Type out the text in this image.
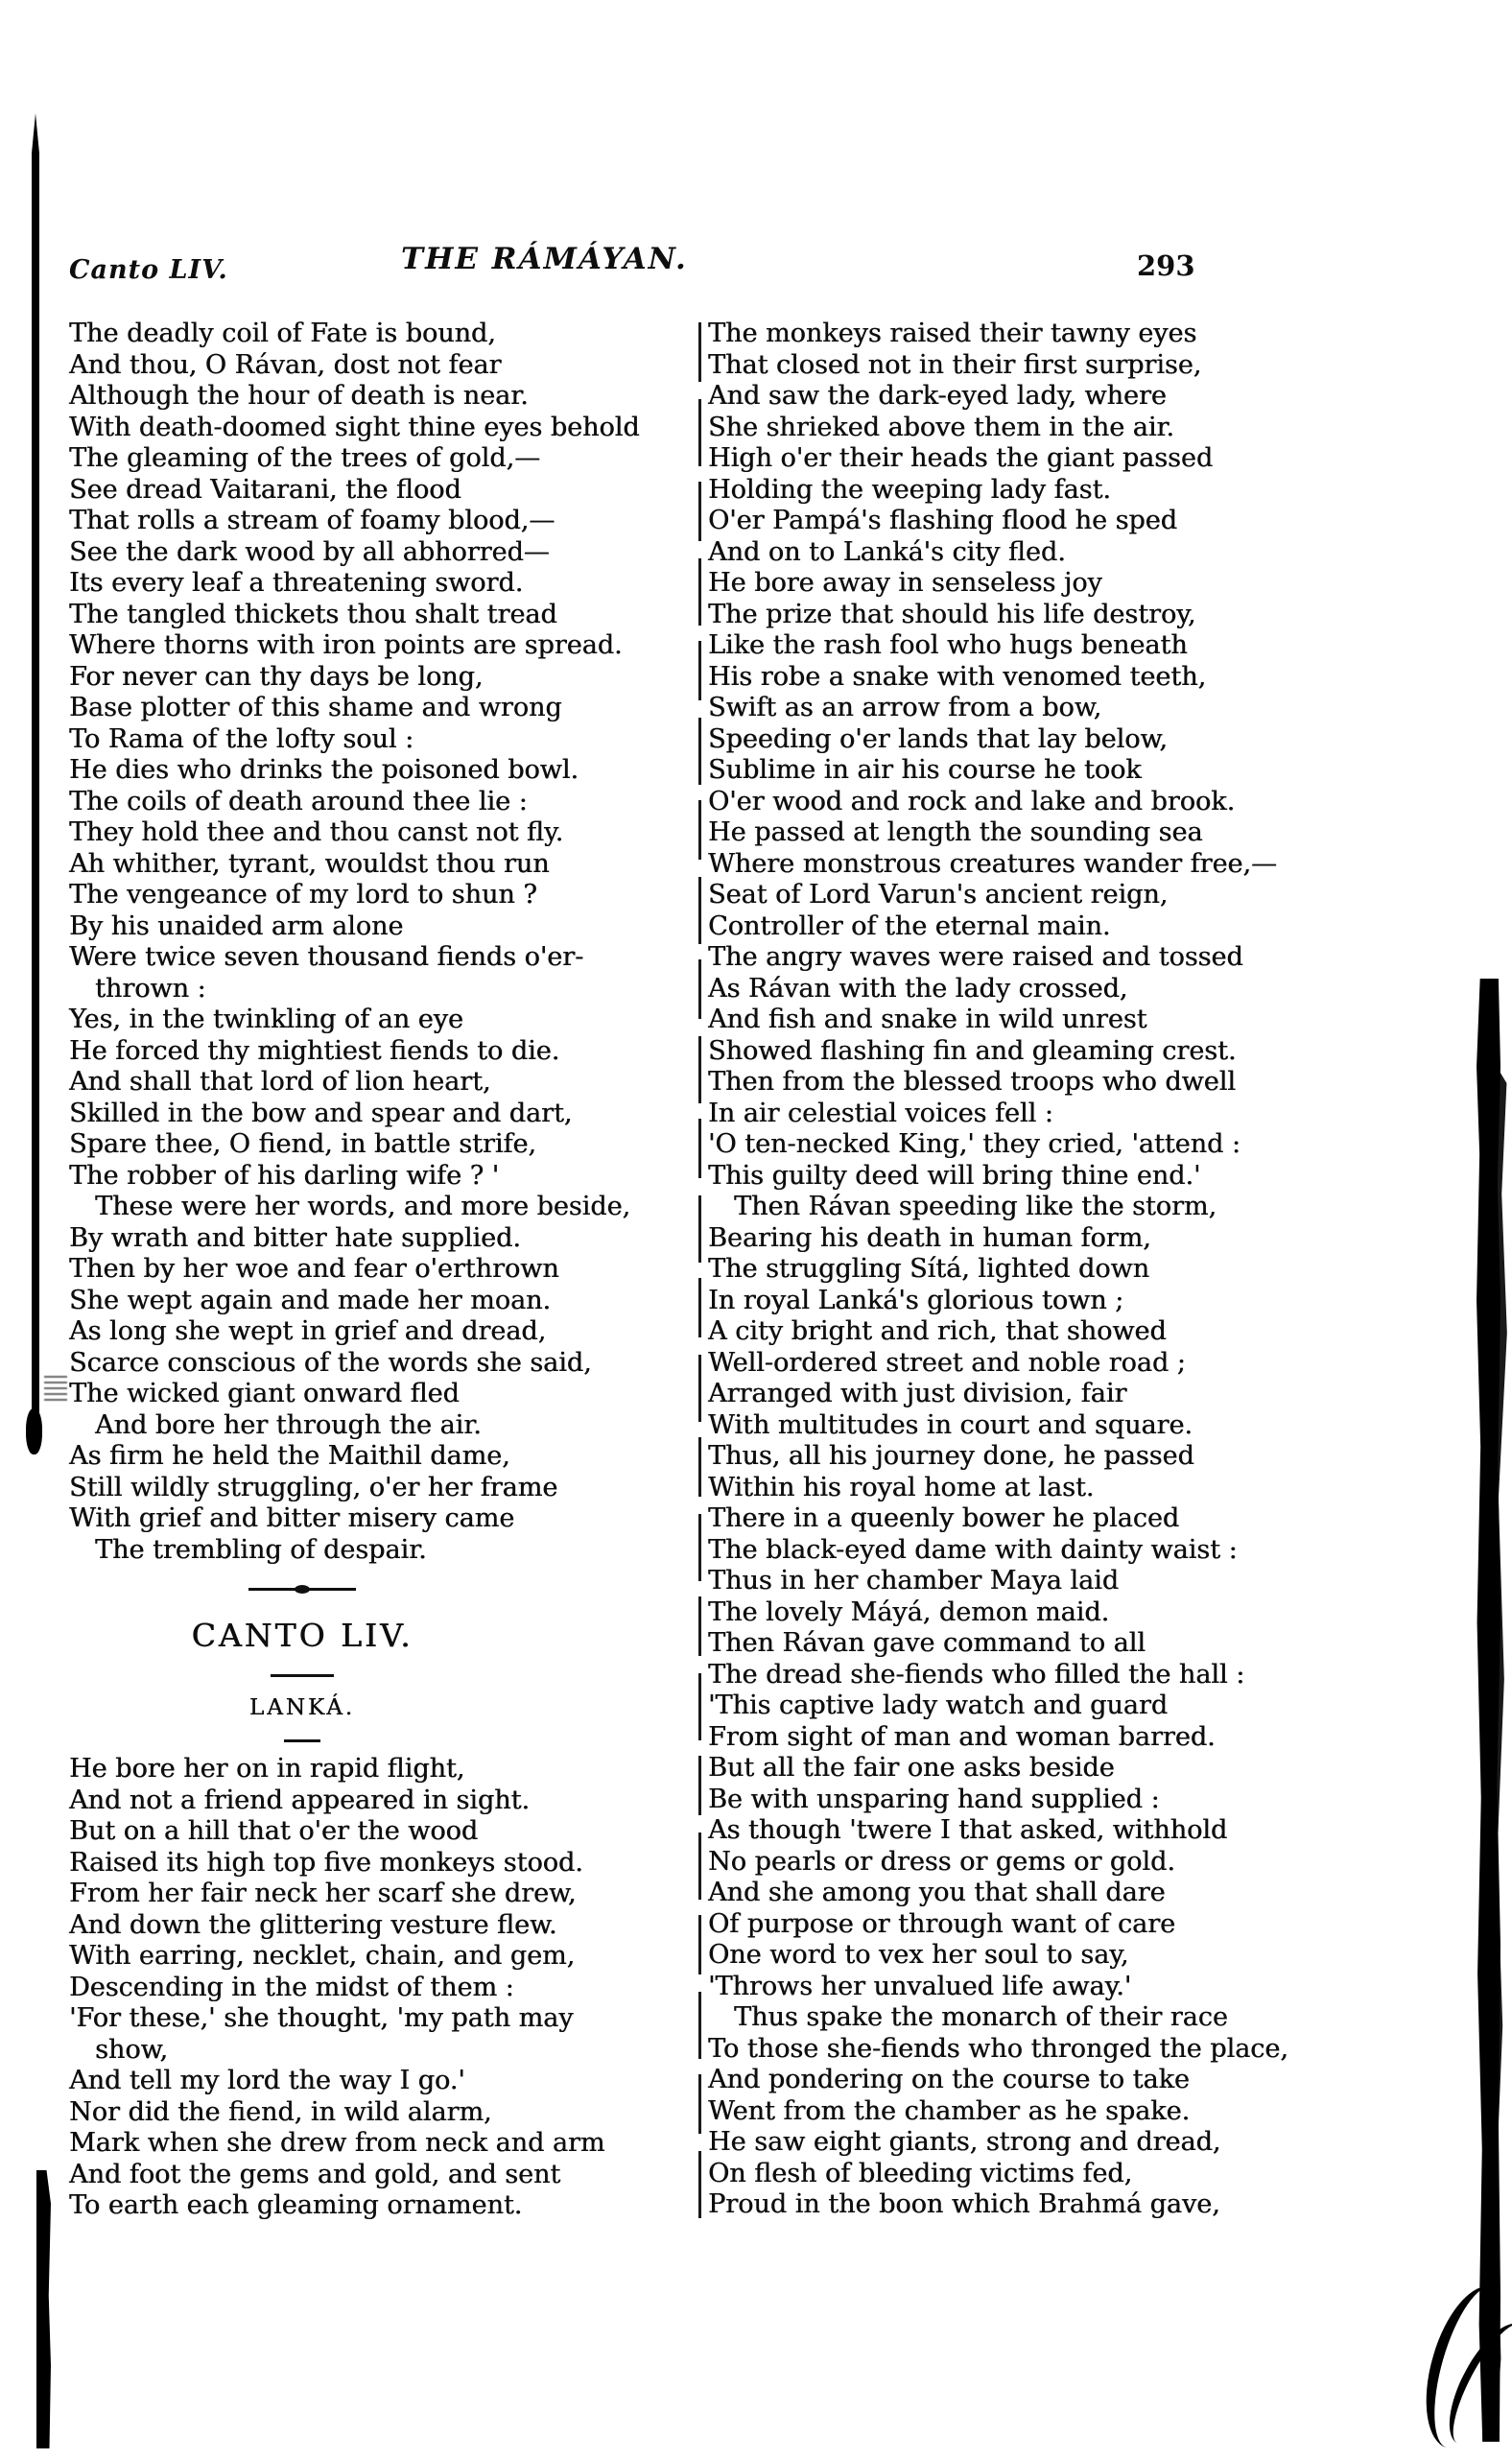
Canto LIV.	THE RÁMÁYAN.	293
The deadly coil of Fate is bound,
And thou, O Rávan, dost not fear
Although the hour of death is near.
With death-doomed sight thine eyes behold
The gleaming of the trees of gold,—
See dread Vaitarani, the flood
That rolls a stream of foamy blood,—
See the dark wood by all abhorred—
Its every leaf a threatening sword.
The tangled thickets thou shalt tread
Where thorns with iron points are spread.
For never can thy days be long,
Base plotter of this shame and wrong
To Rama of the lofty soul :
He dies who drinks the poisoned bowl.
The coils of death around thee lie :
They hold thee and thou canst not fly.
Ah whither, tyrant, wouldst thou run
The vengeance of my lord to shun ?
By his unaided arm alone
Were twice seven thousand fiends o'er-
thrown :
Yes, in the twinkling of an eye
He forced thy mightiest fiends to die.
And shall that lord of lion heart,
Skilled in the bow and spear and dart,
Spare thee, O fiend, in battle strife,
The robber of his darling wife ? '
These were her words, and more beside,
By wrath and bitter hate supplied.
Then by her woe and fear o'erthrown
She wept again and made her moan.
As long she wept in grief and dread,
Scarce conscious of the words she said,
The wicked giant onward fled
And bore her through the air.
As firm he held the Maithil dame,
Still wildly struggling, o'er her frame
With grief and bitter misery came
The trembling of despair.
CANTO LIV.
LANKÁ.
He bore her on in rapid flight,
And not a friend appeared in sight.
But on a hill that o'er the wood
Raised its high top five monkeys stood.
From her fair neck her scarf she drew,
And down the glittering vesture flew.
With earring, necklet, chain, and gem,
Descending in the midst of them :
'For these,' she thought, 'my path may
show,
And tell my lord the way I go.'
Nor did the fiend, in wild alarm,
Mark when she drew from neck and arm
And foot the gems and gold, and sent
To earth each gleaming ornament.
The monkeys raised their tawny eyes
That closed not in their first surprise,
And saw the dark-eyed lady, where
She shrieked above them in the air.
High o'er their heads the giant passed
Holding the weeping lady fast.
O'er Pampá's flashing flood he sped
And on to Lanká's city fled.
He bore away in senseless joy
The prize that should his life destroy,
Like the rash fool who hugs beneath
His robe a snake with venomed teeth,
Swift as an arrow from a bow,
Speeding o'er lands that lay below,
Sublime in air his course he took
O'er wood and rock and lake and brook.
He passed at length the sounding sea
Where monstrous creatures wander free,—
Seat of Lord Varun's ancient reign,
Controller of the eternal main.
The angry waves were raised and tossed
As Rávan with the lady crossed,
And fish and snake in wild unrest
Showed flashing fin and gleaming crest.
Then from the blessed troops who dwell
In air celestial voices fell :
'O ten-necked King,' they cried, 'attend :
This guilty deed will bring thine end.'
Then Rávan speeding like the storm,
Bearing his death in human form,
The struggling Sítá, lighted down
In royal Lanká's glorious town ;
A city bright and rich, that showed
Well-ordered street and noble road ;
Arranged with just division, fair
With multitudes in court and square.
Thus, all his journey done, he passed
Within his royal home at last.
There in a queenly bower he placed
The black-eyed dame with dainty waist :
Thus in her chamber Maya laid
The lovely Máyá, demon maid.
Then Rávan gave command to all
The dread she-fiends who filled the hall :
'This captive lady watch and guard
From sight of man and woman barred.
But all the fair one asks beside
Be with unsparing hand supplied :
As though 'twere I that asked, withhold
No pearls or dress or gems or gold.
And she among you that shall dare
Of purpose or through want of care
One word to vex her soul to say,
'Throws her unvalued life away.'
Thus spake the monarch of their race
To those she-fiends who thronged the place,
And pondering on the course to take
Went from the chamber as he spake.
He saw eight giants, strong and dread,
On flesh of bleeding victims fed,
Proud in the boon which Brahmá gave,
